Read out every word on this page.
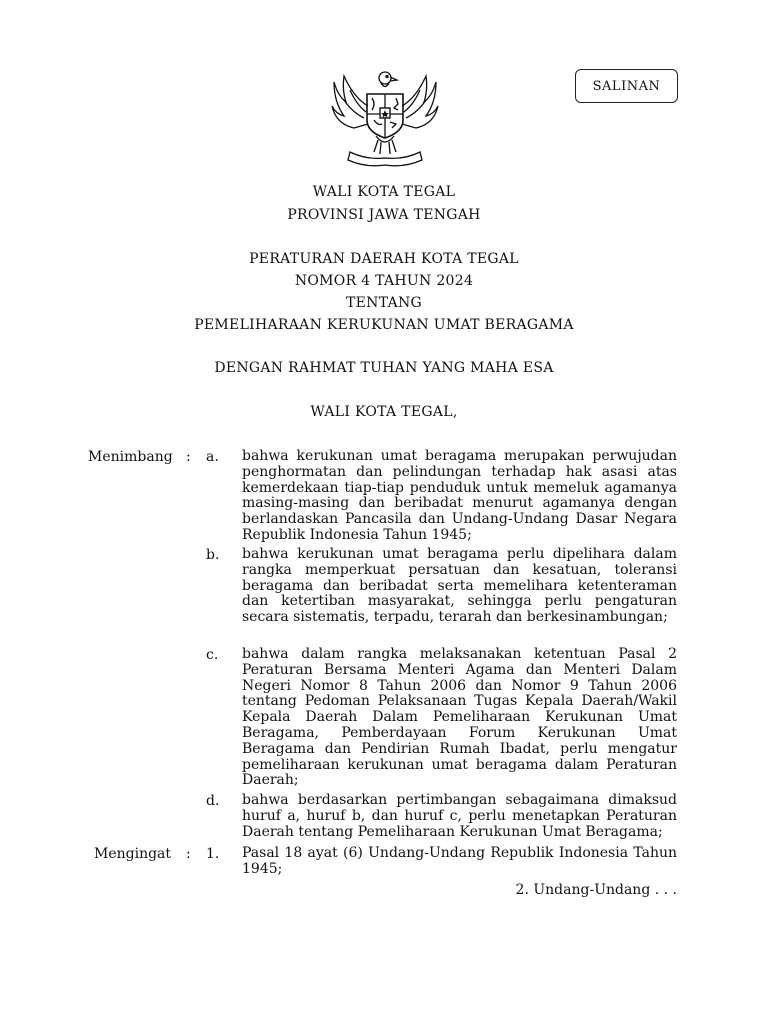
SALINAN
WALI KOTA TEGAL
PROVINSI JAWA TENGAH
PERATURAN DAERAH KOTA TEGAL
NOMOR 4 TAHUN 2024
TENTANG
PEMELIHARAAN KERUKUNAN UMAT BERAGAMA
DENGAN RAHMAT TUHAN YANG MAHA ESA
WALI KOTA TEGAL,
Menimbang : a. bahwa kerukunan umat beragama merupakan perwujudan penghormatan dan pelindungan terhadap hak asasi atas kemerdekaan tiap-tiap penduduk untuk memeluk agamanya masing-masing dan beribadat menurut agamanya dengan berlandaskan Pancasila dan Undang-Undang Dasar Negara Republik Indonesia Tahun 1945;
b. bahwa kerukunan umat beragama perlu dipelihara dalam rangka memperkuat persatuan dan kesatuan, toleransi beragama dan beribadat serta memelihara ketenteraman dan ketertiban masyarakat, sehingga perlu pengaturan secara sistematis, terpadu, terarah dan berkesinambungan;
c. bahwa dalam rangka melaksanakan ketentuan Pasal 2 Peraturan Bersama Menteri Agama dan Menteri Dalam Negeri Nomor 8 Tahun 2006 dan Nomor 9 Tahun 2006 tentang Pedoman Pelaksanaan Tugas Kepala Daerah/Wakil Kepala Daerah Dalam Pemeliharaan Kerukunan Umat Beragama, Pemberdayaan Forum Kerukunan Umat Beragama dan Pendirian Rumah Ibadat, perlu mengatur pemeliharaan kerukunan umat beragama dalam Peraturan Daerah;
d. bahwa berdasarkan pertimbangan sebagaimana dimaksud huruf a, huruf b, dan huruf c, perlu menetapkan Peraturan Daerah tentang Pemeliharaan Kerukunan Umat Beragama;
Mengingat : 1. Pasal 18 ayat (6) Undang-Undang Republik Indonesia Tahun 1945;
2. Undang-Undang . . .
